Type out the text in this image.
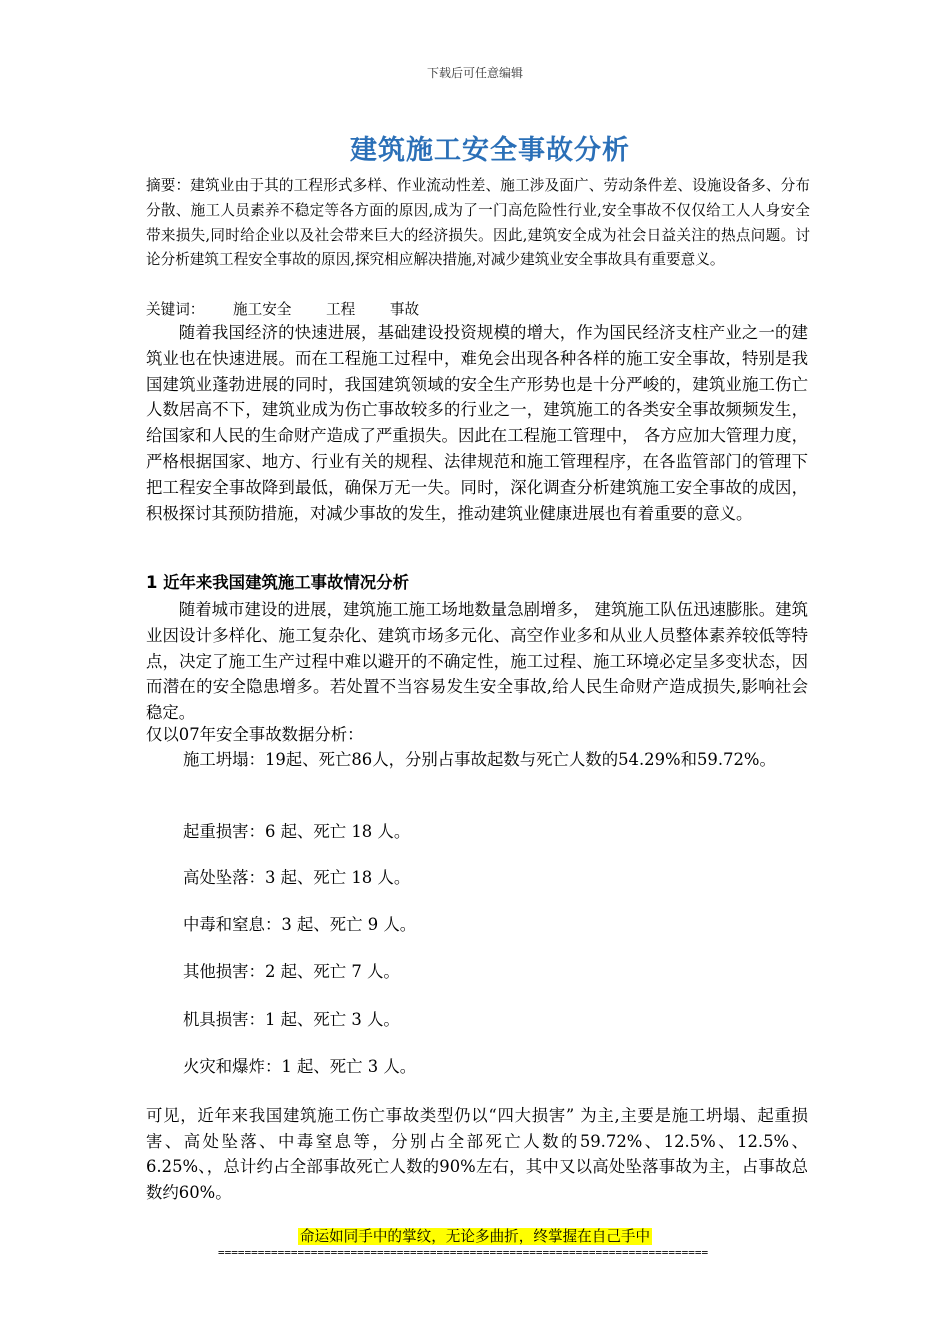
下载后可任意编辑
建筑施工安全事故分析
摘要：建筑业由于其的工程形式多样、作业流动性差、施工涉及面广、劳动条件差、设施设备多、分布分散、施工人员素养不稳定等各方面的原因,成为了一门高危险性行业,安全事故不仅仅给工人人身安全带来损失,同时给企业以及社会带来巨大的经济损失。因此,建筑安全成为社会日益关注的热点问题。讨论分析建筑工程安全事故的原因,探究相应解决措施,对减少建筑业安全事故具有重要意义。
关键词： 施工安全 工程 事故
随着我国经济的快速进展，基础建设投资规模的增大，作为国民经济支柱产业之一的建筑业也在快速进展。而在工程施工过程中，难免会出现各种各样的施工安全事故，特别是我国建筑业蓬勃进展的同时，我国建筑领域的安全生产形势也是十分严峻的，建筑业施工伤亡人数居高不下，建筑业成为伤亡事故较多的行业之一，建筑施工的各类安全事故频频发生，给国家和人民的生命财产造成了严重损失。因此在工程施工管理中， 各方应加大管理力度， 严格根据国家、地方、行业有关的规程、法律规范和施工管理程序，在各监管部门的管理下把工程安全事故降到最低，确保万无一失。同时，深化调查分析建筑施工安全事故的成因，积极探讨其预防措施，对减少事故的发生，推动建筑业健康进展也有着重要的意义。
1 近年来我国建筑施工事故情况分析
随着城市建设的进展，建筑施工施工场地数量急剧增多， 建筑施工队伍迅速膨胀。建筑业因设计多样化、施工复杂化、建筑市场多元化、高空作业多和从业人员整体素养较低等特点，决定了施工生产过程中难以避开的不确定性，施工过程、施工环境必定呈多变状态，因而潜在的安全隐患增多。若处置不当容易发生安全事故,给人民生命财产造成损失,影响社会稳定。
仅以07年安全事故数据分析：
施工坍塌：19起、死亡86人，分别占事故起数与死亡人数的54.29%和59.72%。
起重损害：6 起、死亡 18 人。
高处坠落：3 起、死亡 18 人。
中毒和窒息：3 起、死亡 9 人。
其他损害：2 起、死亡 7 人。
机具损害：1 起、死亡 3 人。
火灾和爆炸：1 起、死亡 3 人。
可见，近年来我国建筑施工伤亡事故类型仍以“四大损害” 为主,主要是施工坍塌、起重损害、高处坠落、中毒窒息等，分别占全部死亡人数的59.72%、12.5%、12.5%、6.25%、，总计约占全部事故死亡人数的90%左右，其中又以高处坠落事故为主，占事故总数约60%。
命运如同手中的掌纹，无论多曲折，终掌握在自己手中
==========================================================================
